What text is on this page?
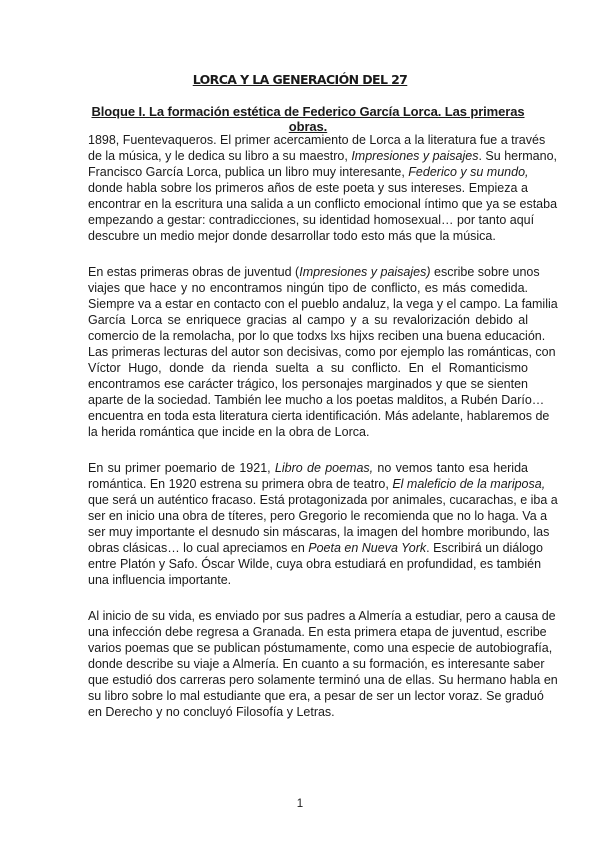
LORCA Y LA GENERACIÓN DEL 27
Bloque I. La formación estética de Federico García Lorca. Las primeras obras.

1898, Fuentevaqueros. El primer acercamiento de Lorca a la literatura fue a través
de la música, y le dedica su libro a su maestro, Impresiones y paisajes. Su hermano,
Francisco García Lorca, publica un libro muy interesante, Federico y su mundo,
donde habla sobre los primeros años de este poeta y sus intereses. Empieza a
encontrar en la escritura una salida a un conflicto emocional íntimo que ya se estaba
empezando a gestar: contradicciones, su identidad homosexual… por tanto aquí
descubre un medio mejor donde desarrollar todo esto más que la música.

En estas primeras obras de juventud (Impresiones y paisajes) escribe sobre unos
viajes que hace y no encontramos ningún tipo de conflicto, es más comedida.
Siempre va a estar en contacto con el pueblo andaluz, la vega y el campo. La familia
García Lorca se enriquece gracias al campo y a su revalorización debido al
comercio de la remolacha, por lo que todxs lxs hijxs reciben una buena educación.
Las primeras lecturas del autor son decisivas, como por ejemplo las románticas, con
Víctor Hugo, donde da rienda suelta a su conflicto. En el Romanticismo
encontramos ese carácter trágico, los personajes marginados y que se sienten
aparte de la sociedad. También lee mucho a los poetas malditos, a Rubén Darío…
encuentra en toda esta literatura cierta identificación. Más adelante, hablaremos de
la herida romántica que incide en la obra de Lorca.

En su primer poemario de 1921, Libro de poemas, no vemos tanto esa herida
romántica. En 1920 estrena su primera obra de teatro, El maleficio de la mariposa,
que será un auténtico fracaso. Está protagonizada por animales, cucarachas, e iba a
ser en inicio una obra de títeres, pero Gregorio le recomienda que no lo haga. Va a
ser muy importante el desnudo sin máscaras, la imagen del hombre moribundo, las
obras clásicas… lo cual apreciamos en Poeta en Nueva York. Escribirá un diálogo
entre Platón y Safo. Óscar Wilde, cuya obra estudiará en profundidad, es también
una influencia importante.

Al inicio de su vida, es enviado por sus padres a Almería a estudiar, pero a causa de
una infección debe regresa a Granada. En esta primera etapa de juventud, escribe
varios poemas que se publican póstumamente, como una especie de autobiografía,
donde describe su viaje a Almería. En cuanto a su formación, es interesante saber
que estudió dos carreras pero solamente terminó una de ellas. Su hermano habla en
su libro sobre lo mal estudiante que era, a pesar de ser un lector voraz. Se graduó
en Derecho y no concluyó Filosofía y Letras.

1
